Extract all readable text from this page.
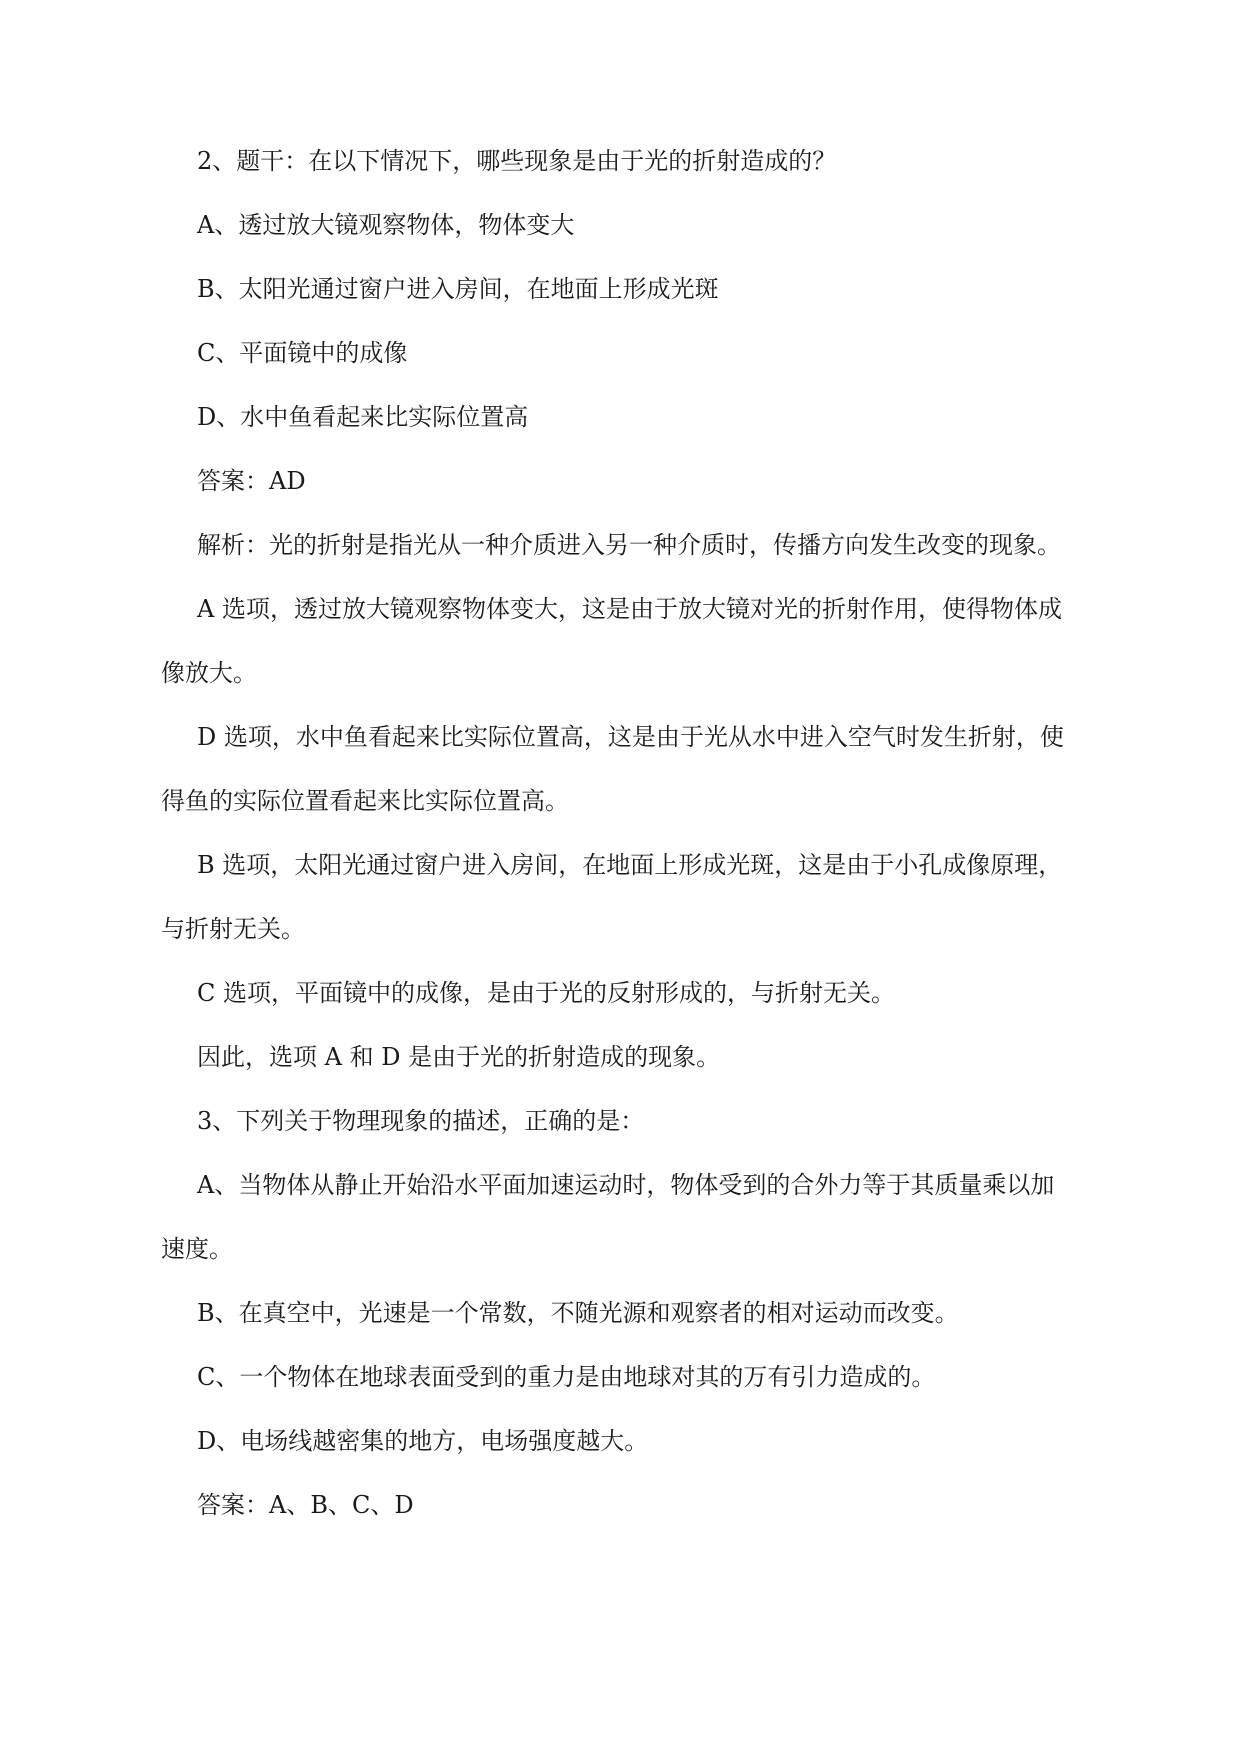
2、题干：在以下情况下，哪些现象是由于光的折射造成的？

A、透过放大镜观察物体，物体变大

B、太阳光通过窗户进入房间，在地面上形成光斑

C、平面镜中的成像

D、水中鱼看起来比实际位置高

答案：AD

解析：光的折射是指光从一种介质进入另一种介质时，传播方向发生改变的现象。

A 选项，透过放大镜观察物体变大，这是由于放大镜对光的折射作用，使得物体成
像放大。

D 选项，水中鱼看起来比实际位置高，这是由于光从水中进入空气时发生折射，使
得鱼的实际位置看起来比实际位置高。

B 选项，太阳光通过窗户进入房间，在地面上形成光斑，这是由于小孔成像原理，
与折射无关。

C 选项，平面镜中的成像，是由于光的反射形成的，与折射无关。

因此，选项 A 和 D 是由于光的折射造成的现象。

3、下列关于物理现象的描述，正确的是：

A、当物体从静止开始沿水平面加速运动时，物体受到的合外力等于其质量乘以加
速度。

B、在真空中，光速是一个常数，不随光源和观察者的相对运动而改变。

C、一个物体在地球表面受到的重力是由地球对其的万有引力造成的。

D、电场线越密集的地方，电场强度越大。

答案：A、B、C、D
